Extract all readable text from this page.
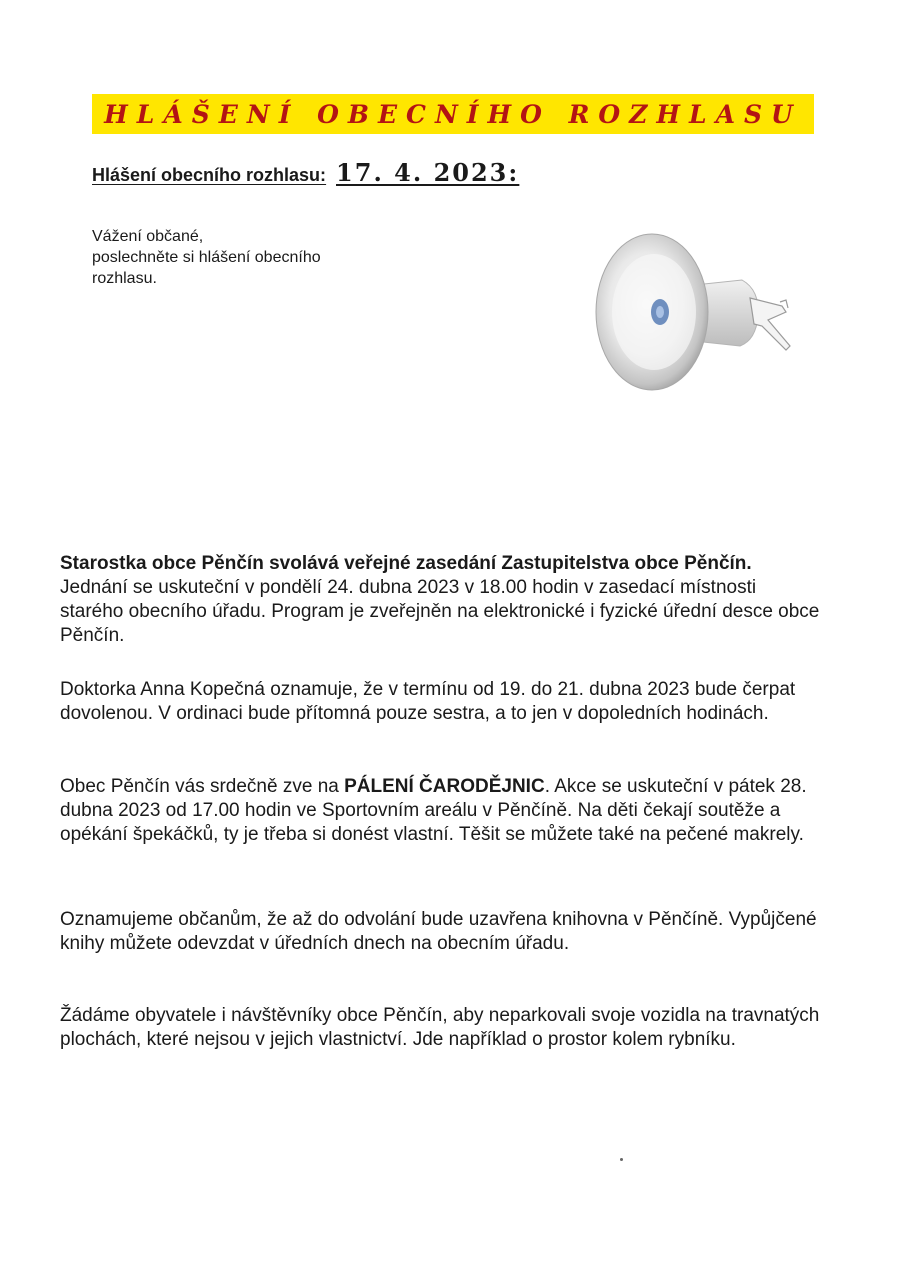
HLÁŠENÍ OBECNÍHO ROZHLASU
Hlášení obecního rozhlasu: 17. 4. 2023:
Vážení občané,
poslechněte si hlášení obecního
rozhlasu.
Starostka obce Pěnčín svolává veřejné zasedání Zastupitelstva obce Pěnčín. Jednání se uskuteční v pondělí 24. dubna 2023 v 18.00 hodin v zasedací místnosti starého obecního úřadu. Program je zveřejněn na elektronické i fyzické úřední desce obce Pěnčín.
Doktorka Anna Kopečná oznamuje, že v termínu od 19. do 21. dubna 2023 bude čerpat dovolenou. V ordinaci bude přítomná pouze sestra, a to jen v dopoledních hodinách.
Obec Pěnčín vás srdečně zve na PÁLENÍ ČARODĚJNIC. Akce se uskuteční v pátek 28. dubna 2023 od 17.00 hodin ve Sportovním areálu v Pěnčíně. Na děti čekají soutěže a opékání špekáčků, ty je třeba si donést vlastní. Těšit se můžete také na pečené makrely.
Oznamujeme občanům, že až do odvolání bude uzavřena knihovna v Pěnčíně. Vypůjčené knihy můžete odevzdat v úředních dnech na obecním úřadu.
Žádáme obyvatele i návštěvníky obce Pěnčín, aby neparkovali svoje vozidla na travnatých plochách, které nejsou v jejich vlastnictví. Jde například o prostor kolem rybníku.
